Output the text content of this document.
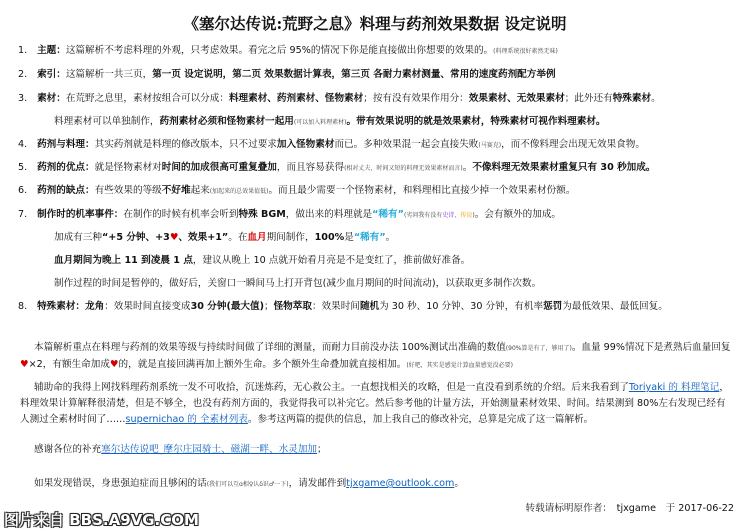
《塞尔达传说:荒野之息》料理与药剂效果数据 设定说明
1. 主题：这篇解析不考虑料理的外观，只考虑效果。看完之后 95%的情况下你是能直接做出你想要的效果的。(料理系统很好素然无味)
2. 索引：这篇解析一共三页，第一页 设定说明，第二页 效果数据计算表，第三页 各耐力素材测量、常用的速度药剂配方举例
3. 素材：在荒野之息里，素材按组合可以分成：料理素材、药剂素材、怪物素材；按有没有效果作用分：效果素材、无效果素材；此外还有特殊素材。
料理素材可以单独制作，药剂素材必须和怪物素材一起用(可以加入料理素材)。带有效果说明的就是效果素材，特殊素材可视作料理素材。
4. 药剂与料理：其实药剂就是料理的修改版本，只不过要求加入怪物素材而已。多种效果混一起会直接失败(马赛克)，而不像料理会出现无效果食物。
5. 药剂的优点：就是怪物素材对时间的加成很高可重复叠加，而且容易获得(相对丈夫，时间又短的料理无效果素材而言)。不像料理无效果素材重复只有 30 秒加成。
6. 药剂的缺点：有些效果的等级不好堆起来(加起来的总效果值低)。而且最少需要一个怪物素材，和料理相比直接少掉一个效果素材份额。
7. 制作时的机率事件：在制作的时候有机率会听到特殊 BGM，做出来的料理就是“稀有”(劣问我有没有史诗、传说)。会有额外的加成。
加成有三种“+5 分钟、+3♥、效果+1”。在血月期间制作，100%是“稀有”。
血月期间为晚上 11 到凌晨 1 点，建议从晚上 10 点就开始看月亮是不是变红了，推前做好准备。
制作过程的时间是暂停的，做好后，关窗口一瞬间马上打开背包(减少血月期间的时间流动)，以获取更多制作次数。
8. 特殊素材：龙角：效果时间直接变成30 分钟(最大值)；怪物萃取：效果时间随机为 30 秒、10 分钟、30 分钟，有机率惩罚为最低效果、最低回复。
本篇解析重点在料理与药剂的效果等级与持续时间做了详细的测量，而耐力目前没办法 100%测试出准确的数值(90%算是有了，够用了)。血量 99%情况下是煮熟后血量回复♥×2，有额生命加成♥的，就是直接回满再加上额外生命。多个额外生命叠加就直接相加。(好吧，其实是感觉计算血量感觉没必要)
辅助命的我得上网找料理药剂系统一发不可收拾，沉迷炼药，无心救公主。一直想找相关的攻略，但是一直没看到系统的介绍。后来我看到了Toriyaki 的 料理笔记，料理效果计算解释很清楚，但是不够全，也没有药剂方面的，我觉得我可以补完它。然后参考他的计量方法，开始测量素材效果、时间。结果测到 80%左右发现已经有人测过全素材时间了……supernichao 的 全素材列表。参考这两篇的提供的信息，加上我自己的修改补完，总算是完成了这一篇解析。
感谢各位的补充塞尔达传说吧_摩尔庄园骑士、磁湖一畔、水灵加加；
如果发现错误，身患强迫症而且够闲的话(我们可以互ɑ相♀认δ识♂一下)，请发邮件到tjxgame@outlook.com。
转载请标明原作者：　tjxgame　于 2017-06-22
图片来自 BBS.A9VG.COM
